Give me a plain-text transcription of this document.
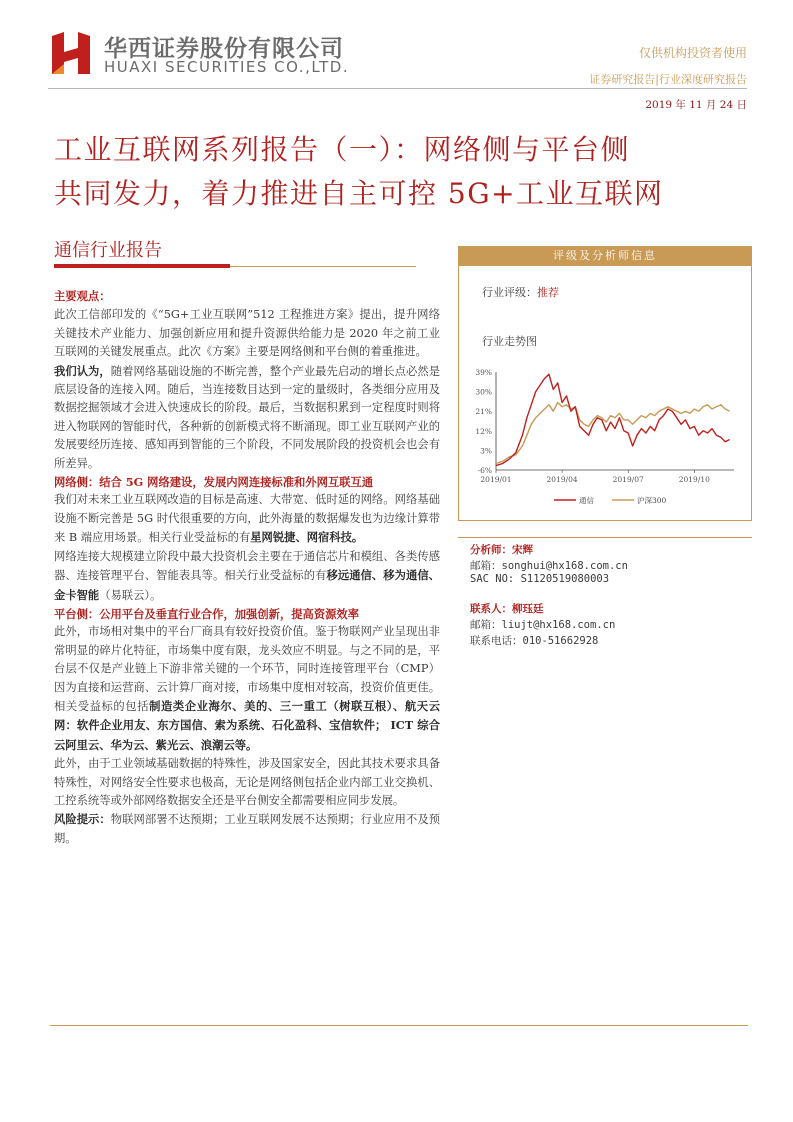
华西证券股份有限公司
HUAXI SECURITIES CO.,LTD.
仅供机构投资者使用
证券研究报告|行业深度研究报告
2019 年 11 月 24 日
工业互联网系列报告（一）：网络侧与平台侧
共同发力，着力推进自主可控 5G+工业互联网
通信行业报告

主要观点：

此次工信部印发的《“5G+工业互联网”512 工程推进方案》提出，提升网络关键技术产业能力、加强创新应用和提升资源供给能力是 2020 年之前工业互联网的关键发展重点。此次《方案》主要是网络侧和平台侧的着重推进。

我们认为，随着网络基础设施的不断完善，整个产业最先启动的增长点必然是底层设备的连接入网。随后，当连接数目达到一定的量级时，各类细分应用及数据挖掘领域才会进入快速成长的阶段。最后，当数据积累到一定程度时则将进入物联网的智能时代，各种新的创新模式将不断涌现。即工业互联网产业的发展要经历连接、感知再到智能的三个阶段，不同发展阶段的投资机会也会有所差异。

网络侧：结合 5G 网络建设，发展内网连接标准和外网互联互通

我们对未来工业互联网改造的目标是高速、大带宽、低时延的网络。网络基础设施不断完善是 5G 时代很重要的方向，此外海量的数据爆发也为边缘计算带来 B 端应用场景。相关行业受益标的有星网锐捷、网宿科技。

网络连接大规模建立阶段中最大投资机会主要在于通信芯片和模组、各类传感器、连接管理平台、智能表具等。相关行业受益标的有移远通信、移为通信、金卡智能（易联云）。

平台侧：公用平台及垂直行业合作，加强创新，提高资源效率

此外，市场相对集中的平台厂商具有较好投资价值。鉴于物联网产业呈现出非常明显的碎片化特征，市场集中度有限，龙头效应不明显。与之不同的是，平台层不仅是产业链上下游非常关键的一个环节，同时连接管理平台（CMP）因为直接和运营商、云计算厂商对接，市场集中度相对较高，投资价值更佳。相关受益标的包括制造类企业海尔、美的、三一重工（树联互根）、航天云网：软件企业用友、东方国信、索为系统、石化盈科、宝信软件； ICT 综合云阿里云、华为云、紫光云、浪潮云等。

此外，由于工业领域基础数据的特殊性，涉及国家安全，因此其技术要求具备特殊性，对网络安全性要求也极高，无论是网络侧包括企业内部工业交换机、工控系统等或外部网络数据安全还是平台侧安全都需要相应同步发展。

风险提示：物联网部署不达预期；工业互联网发展不达预期；行业应用不及预期。

评级及分析师信息
行业评级：推荐
行业走势图
39%
30%
21%
12%
3%
-6%
2019/01	2019/04	2019/07	2019/10
通信	沪深300
分析师：宋辉
邮箱：songhui@hx168.com.cn
SAC NO: S1120519080003
联系人：柳珏廷
邮箱：liujt@hx168.com.cn
联系电话：010-51662928
